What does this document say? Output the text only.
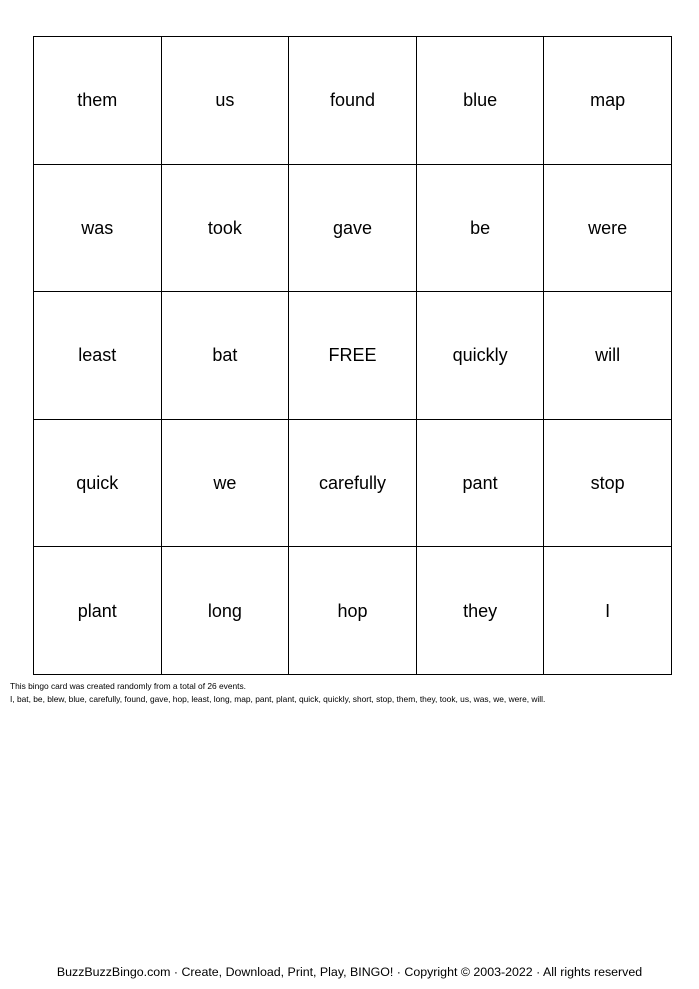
them	us	found	blue	map
was	took	gave	be	were
least	bat	FREE	quickly	will
quick	we	carefully	pant	stop
plant	long	hop	they	I
This bingo card was created randomly from a total of 26 events.
I, bat, be, blew, blue, carefully, found, gave, hop, least, long, map, pant, plant, quick, quickly, short, stop, them, they, took, us, was, we, were, will.
BuzzBuzzBingo.com · Create, Download, Print, Play, BINGO! · Copyright © 2003-2022 · All rights reserved
